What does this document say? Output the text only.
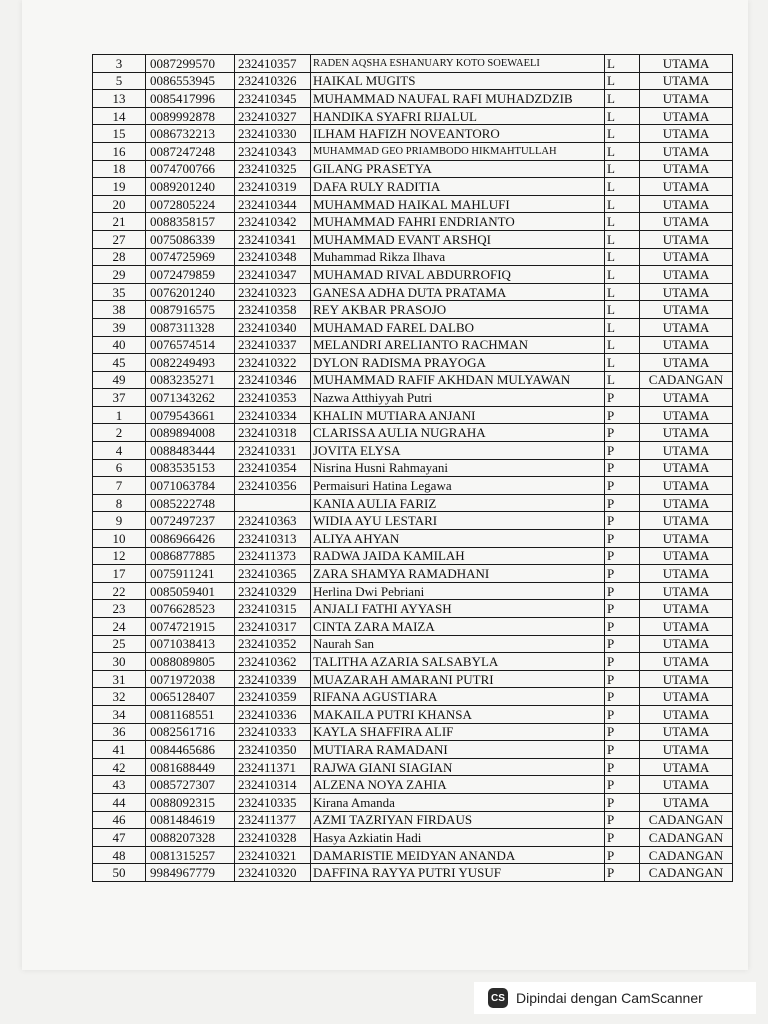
3	0087299570	232410357	RADEN AQSHA ESHANUARY KOTO SOEWAELI	L	UTAMA
5	0086553945	232410326	HAIKAL MUGITS	L	UTAMA
13	0085417996	232410345	MUHAMMAD NAUFAL RAFI MUHADZDZIB	L	UTAMA
14	0089992878	232410327	HANDIKA SYAFRI RIJALUL	L	UTAMA
15	0086732213	232410330	ILHAM HAFIZH NOVEANTORO	L	UTAMA
16	0087247248	232410343	MUHAMMAD GEO PRIAMBODO HIKMAHTULLAH	L	UTAMA
18	0074700766	232410325	GILANG PRASETYA	L	UTAMA
19	0089201240	232410319	DAFA RULY RADITIA	L	UTAMA
20	0072805224	232410344	MUHAMMAD HAIKAL MAHLUFI	L	UTAMA
21	0088358157	232410342	MUHAMMAD FAHRI ENDRIANTO	L	UTAMA
27	0075086339	232410341	MUHAMMAD EVANT ARSHQI	L	UTAMA
28	0074725969	232410348	Muhammad Rikza Ilhava	L	UTAMA
29	0072479859	232410347	MUHAMAD RIVAL ABDURROFIQ	L	UTAMA
35	0076201240	232410323	GANESA ADHA DUTA PRATAMA	L	UTAMA
38	0087916575	232410358	REY AKBAR PRASOJO	L	UTAMA
39	0087311328	232410340	MUHAMAD FAREL DALBO	L	UTAMA
40	0076574514	232410337	MELANDRI ARELIANTO RACHMAN	L	UTAMA
45	0082249493	232410322	DYLON RADISMA PRAYOGA	L	UTAMA
49	0083235271	232410346	MUHAMMAD RAFIF AKHDAN MULYAWAN	L	CADANGAN
37	0071343262	232410353	Nazwa Atthiyyah Putri	P	UTAMA
1	0079543661	232410334	KHALIN MUTIARA ANJANI	P	UTAMA
2	0089894008	232410318	CLARISSA AULIA NUGRAHA	P	UTAMA
4	0088483444	232410331	JOVITA ELYSA	P	UTAMA
6	0083535153	232410354	Nisrina Husni Rahmayani	P	UTAMA
7	0071063784	232410356	Permaisuri Hatina Legawa	P	UTAMA
8	0085222748		KANIA AULIA FARIZ	P	UTAMA
9	0072497237	232410363	WIDIA AYU LESTARI	P	UTAMA
10	0086966426	232410313	ALIYA AHYAN	P	UTAMA
12	0086877885	232411373	RADWA JAIDA KAMILAH	P	UTAMA
17	0075911241	232410365	ZARA SHAMYA RAMADHANI	P	UTAMA
22	0085059401	232410329	Herlina Dwi Pebriani	P	UTAMA
23	0076628523	232410315	ANJALI FATHI AYYASH	P	UTAMA
24	0074721915	232410317	CINTA ZARA MAIZA	P	UTAMA
25	0071038413	232410352	Naurah San	P	UTAMA
30	0088089805	232410362	TALITHA AZARIA SALSABYLA	P	UTAMA
31	0071972038	232410339	MUAZARAH AMARANI PUTRI	P	UTAMA
32	0065128407	232410359	RIFANA AGUSTIARA	P	UTAMA
34	0081168551	232410336	MAKAILA PUTRI KHANSA	P	UTAMA
36	0082561716	232410333	KAYLA SHAFFIRA ALIF	P	UTAMA
41	0084465686	232410350	MUTIARA RAMADANI	P	UTAMA
42	0081688449	232411371	RAJWA GIANI SIAGIAN	P	UTAMA
43	0085727307	232410314	ALZENA NOYA ZAHIA	P	UTAMA
44	0088092315	232410335	Kirana Amanda	P	UTAMA
46	0081484619	232411377	AZMI TAZRIYAN FIRDAUS	P	CADANGAN
47	0088207328	232410328	Hasya Azkiatin Hadi	P	CADANGAN
48	0081315257	232410321	DAMARISTIE MEIDYAN ANANDA	P	CADANGAN
50	9984967779	232410320	DAFFINA RAYYA PUTRI YUSUF	P	CADANGAN
CS Dipindai dengan CamScanner
